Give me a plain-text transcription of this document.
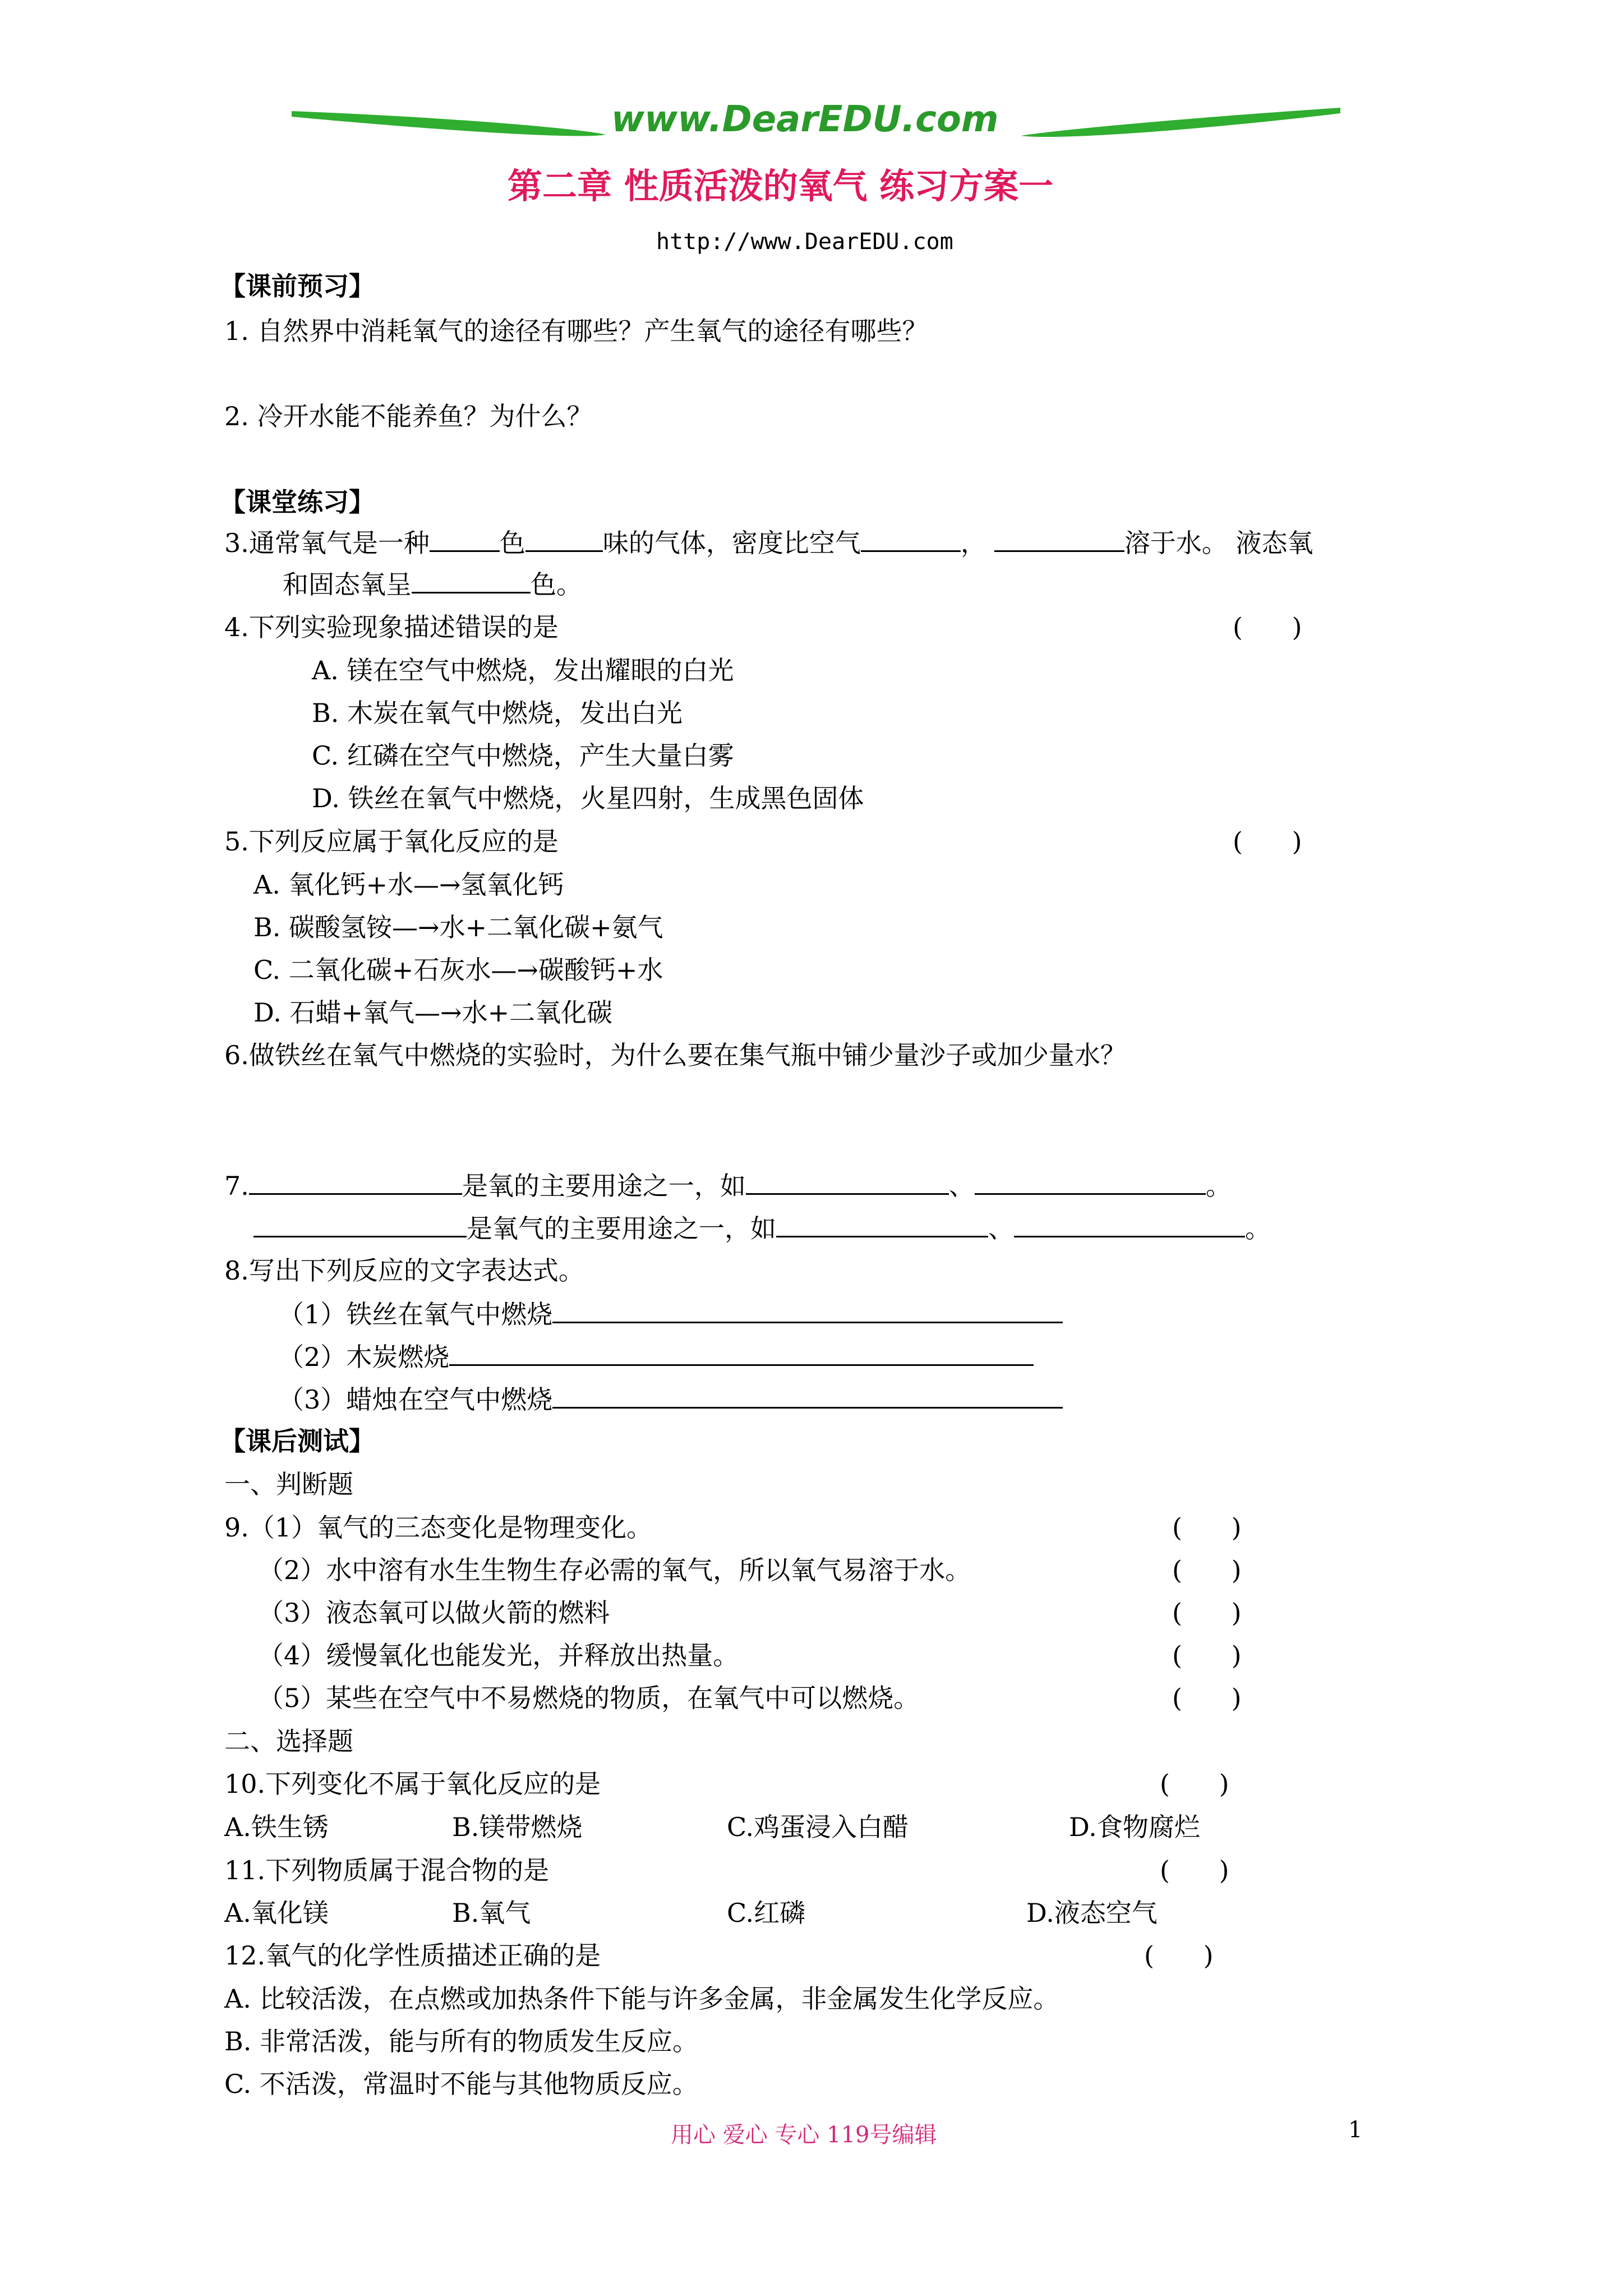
www.DearEDU.com
第二章 性质活泼的氧气 练习方案一
http://www.DearEDU.com
【课前预习】
1. 自然界中消耗氧气的途径有哪些？产生氧气的途径有哪些？
2. 冷开水能不能养鱼？为什么？
【课堂练习】
3.通常氧气是一种	色	味的气体，密度比空气	，	溶于水。 液态氧
和固态氧呈	色。
4.下列实验现象描述错误的是	(      )
A. 镁在空气中燃烧，发出耀眼的白光
B. 木炭在氧气中燃烧，发出白光
C. 红磷在空气中燃烧，产生大量白雾
D. 铁丝在氧气中燃烧，火星四射，生成黑色固体
5.下列反应属于氧化反应的是	(      )
A. 氧化钙+水—→氢氧化钙
B. 碳酸氢铵—→水+二氧化碳+氨气
C. 二氧化碳+石灰水—→碳酸钙+水
D. 石蜡+氧气—→水+二氧化碳
6.做铁丝在氧气中燃烧的实验时，为什么要在集气瓶中铺少量沙子或加少量水？
7.	是氧的主要用途之一，如	、	。
是氧气的主要用途之一，如	、	。
8.写出下列反应的文字表达式。
（1）铁丝在氧气中燃烧
（2）木炭燃烧
（3）蜡烛在空气中燃烧
【课后测试】
一、判断题
9.（1）氧气的三态变化是物理变化。	(      )
（2）水中溶有水生生物生存必需的氧气，所以氧气易溶于水。	(      )
（3）液态氧可以做火箭的燃料	(      )
（4）缓慢氧化也能发光，并释放出热量。	(      )
（5）某些在空气中不易燃烧的物质，在氧气中可以燃烧。	(      )
二、选择题
10.下列变化不属于氧化反应的是	(      )
A.铁生锈	B.镁带燃烧	C.鸡蛋浸入白醋	D.食物腐烂
11.下列物质属于混合物的是	(      )
A.氧化镁	B.氧气	C.红磷	D.液态空气
12.氧气的化学性质描述正确的是	(      )
A. 比较活泼，在点燃或加热条件下能与许多金属，非金属发生化学反应。
B. 非常活泼，能与所有的物质发生反应。
C. 不活泼，常温时不能与其他物质反应。
用心 爱心 专心 119号编辑	1
